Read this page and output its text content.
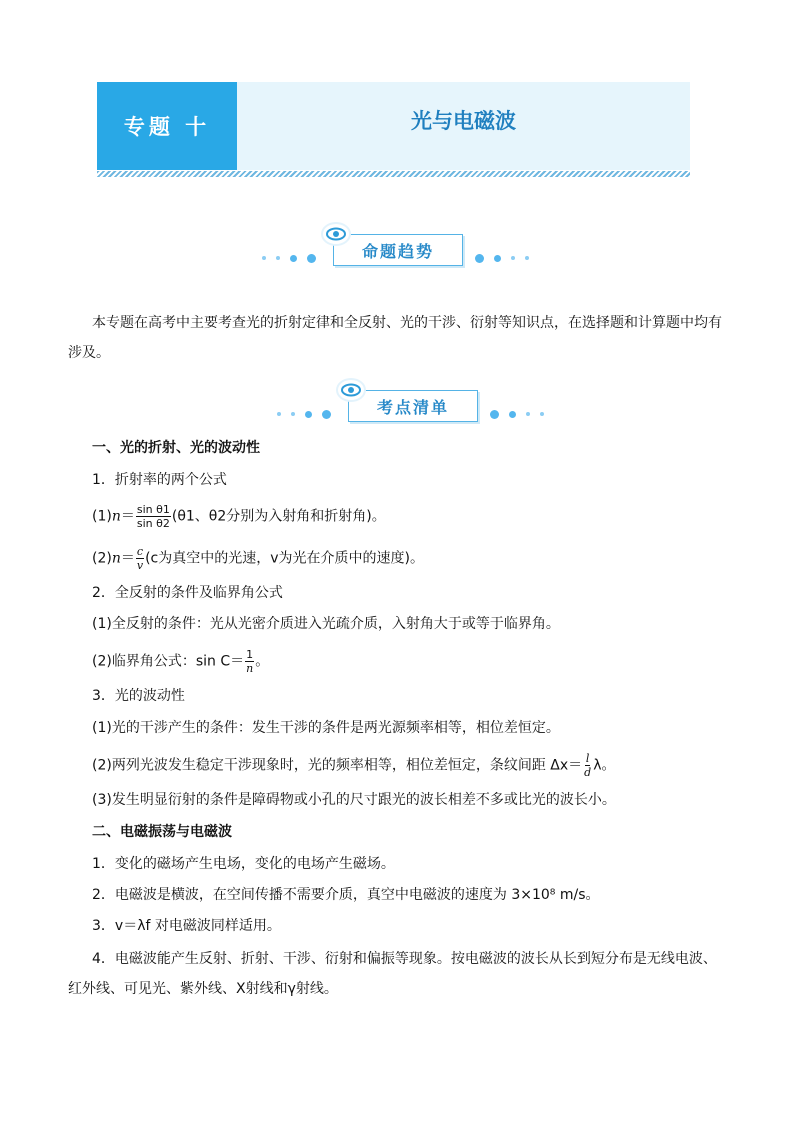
专题 十	光与电磁波
命题趋势
本专题在高考中主要考查光的折射定律和全反射、光的干涉、衍射等知识点，在选择题和计算题中均有涉及。
考点清单
一、光的折射、光的波动性
1．折射率的两个公式
$(1)n= \frac{\text{sin θ1}}{\text{sin θ2}} (\theta 1$、θ2分别为入射角和折射角)。
$(2)n= \frac{c}{v} (c$为真空中的光速，v为光在介质中的速度)。
2．全反射的条件及临界角公式
(1)全反射的条件：光从光密介质进入光疏介质，入射角大于或等于临界角。
(2)临界角公式：$\sin C= \frac{1}{n}$ 。
3．光的波动性
(1)光的干涉产生的条件：发生干涉的条件是两光源频率相等，相位差恒定。
(2)两列光波发生稳定干涉现象时，光的频率相等，相位差恒定，条纹间距 $\Delta x= \frac{l}{d}$ λ。
(3)发生明显衍射的条件是障碍物或小孔的尺寸跟光的波长相差不多或比光的波长小。
二、电磁振荡与电磁波
1．变化的磁场产生电场，变化的电场产生磁场。
2．电磁波是横波，在空间传播不需要介质，真空中电磁波的速度为 3×10⁸ m/s。
3．v＝λf 对电磁波同样适用。
4．电磁波能产生反射、折射、干涉、衍射和偏振等现象。按电磁波的波长从长到短分布是无线电波、红外线、可见光、紫外线、X射线和γ射线。
